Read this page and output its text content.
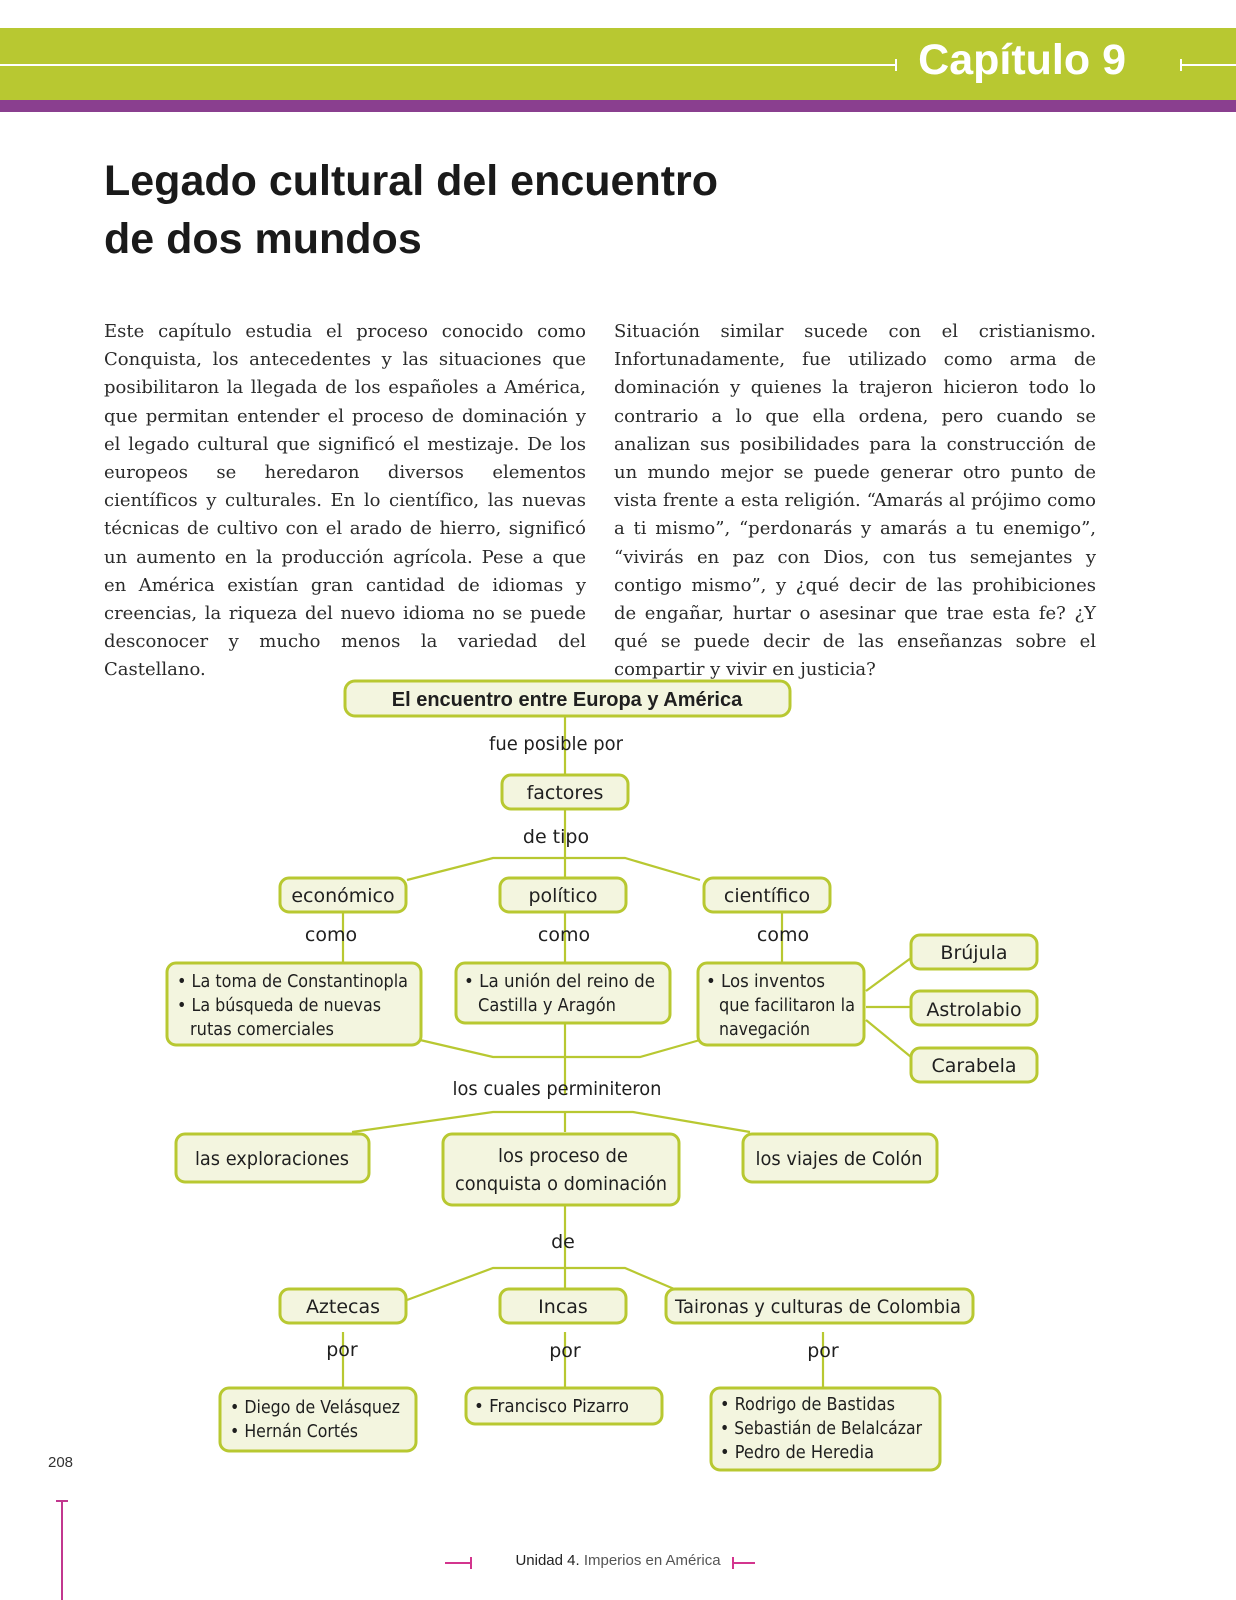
Capítulo 9
Legado cultural del encuentro
de dos mundos
Este capítulo estudia el proceso conocido como Conquista, los antecedentes y las situaciones que posibilitaron la llegada de los españoles a América, que permitan entender el proceso de dominación y el legado cultural que significó el mestizaje. De los europeos se heredaron diversos elementos científicos y culturales. En lo científico, las nuevas técnicas de cultivo con el arado de hierro, significó un aumento en la producción agrícola. Pese a que en América existían gran cantidad de idiomas y creencias, la riqueza del nuevo idioma no se puede desconocer y mucho menos la variedad del Castellano.
Situación similar sucede con el cristianismo. Infortunadamente, fue utilizado como arma de dominación y quienes la trajeron hicieron todo lo contrario a lo que ella ordena, pero cuando se analizan sus posibilidades para la construcción de un mundo mejor se puede generar otro punto de vista frente a esta religión. “Amarás al prójimo como a ti mismo”, “perdonarás y amarás a tu enemigo”, “vivirás en paz con Dios, con tus semejantes y contigo mismo”, y ¿qué decir de las prohibiciones de engañar, hurtar o asesinar que trae esta fe? ¿Y qué se puede decir de las enseñanzas sobre el compartir y vivir en justicia?
El encuentro entre Europa y América
fue posible por
factores
de tipo
económico	político	científico
como	como	como
• La toma de Constantinopla
• La búsqueda de nuevas
rutas comerciales
• La unión del reino de
Castilla y Aragón
• Los inventos
que facilitaron la
navegación
Brújula
Astrolabio
Carabela
los cuales perminiteron
las exploraciones	los proceso de
conquista o dominación
los viajes de Colón
de
Aztecas	Incas	Taironas y culturas de Colombia
por	por	por
• Diego de Velásquez
• Hernán Cortés
• Francisco Pizarro	• Rodrigo de Bastidas
• Sebastián de Belalcázar
• Pedro de Heredia
208
Unidad 4. Imperios en América
